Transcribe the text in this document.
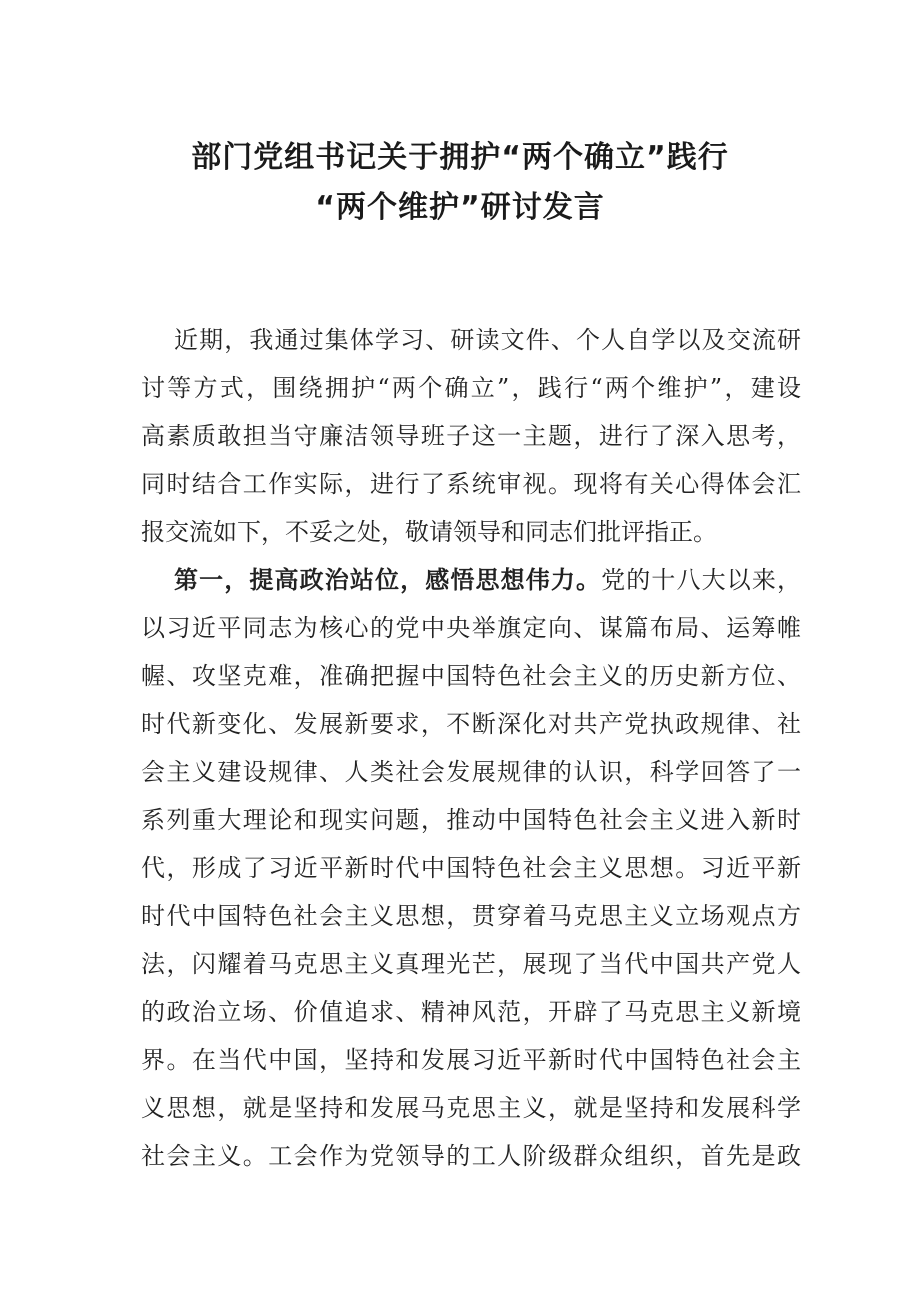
部门党组书记关于拥护“两个确立”践行
“两个维护”研讨发言
近期，我通过集体学习、研读文件、个人自学以及交流研
讨等方式，围绕拥护“两个确立”，践行“两个维护”，建设
高素质敢担当守廉洁领导班子这一主题，进行了深入思考，
同时结合工作实际，进行了系统审视。现将有关心得体会汇
报交流如下，不妥之处，敬请领导和同志们批评指正。
第一，提高政治站位，感悟思想伟力。党的十八大以来，
以习近平同志为核心的党中央举旗定向、谋篇布局、运筹帷
幄、攻坚克难，准确把握中国特色社会主义的历史新方位、
时代新变化、发展新要求，不断深化对共产党执政规律、社
会主义建设规律、人类社会发展规律的认识，科学回答了一
系列重大理论和现实问题，推动中国特色社会主义进入新时
代，形成了习近平新时代中国特色社会主义思想。习近平新
时代中国特色社会主义思想，贯穿着马克思主义立场观点方
法，闪耀着马克思主义真理光芒，展现了当代中国共产党人
的政治立场、价值追求、精神风范，开辟了马克思主义新境
界。在当代中国，坚持和发展习近平新时代中国特色社会主
义思想，就是坚持和发展马克思主义，就是坚持和发展科学
社会主义。工会作为党领导的工人阶级群众组织，首先是政
